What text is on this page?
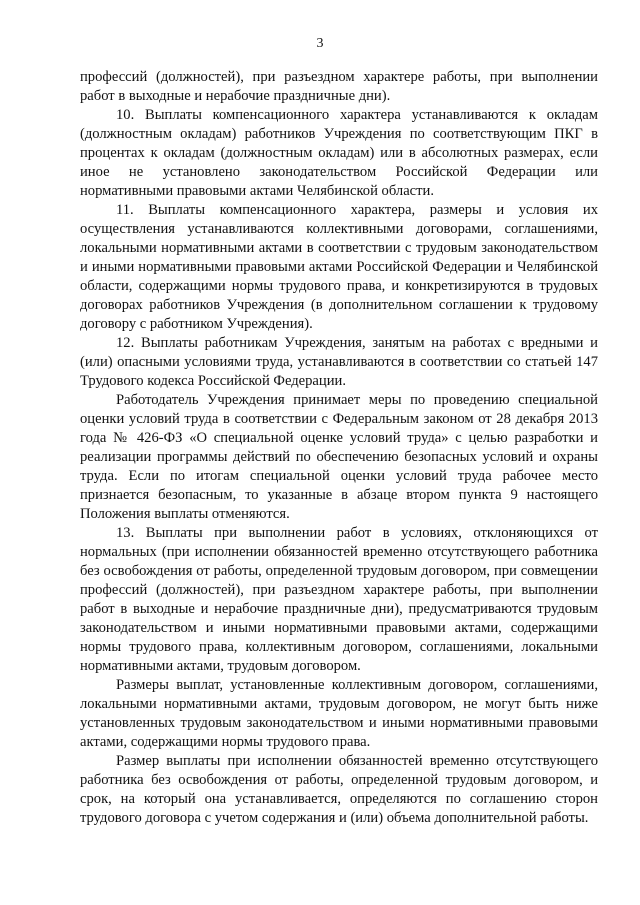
3

профессий (должностей), при разъездном характере работы, при выполнении работ в выходные и нерабочие праздничные дни).

10. Выплаты компенсационного характера устанавливаются к окладам (должностным окладам) работников Учреждения по соответствующим ПКГ в процентах к окладам (должностным окладам) или в абсолютных размерах, если иное не установлено законодательством Российской Федерации или нормативными правовыми актами Челябинской области.

11. Выплаты компенсационного характера, размеры и условия их осуществления устанавливаются коллективными договорами, соглашениями, локальными нормативными актами в соответствии с трудовым законодательством и иными нормативными правовыми актами Российской Федерации и Челябинской области, содержащими нормы трудового права, и конкретизируются в трудовых договорах работников Учреждения (в дополнительном соглашении к трудовому договору с работником Учреждения).

12. Выплаты работникам Учреждения, занятым на работах с вредными и (или) опасными условиями труда, устанавливаются в соответствии со статьей 147 Трудового кодекса Российской Федерации.

Работодатель Учреждения принимает меры по проведению специальной оценки условий труда в соответствии с Федеральным законом от 28 декабря 2013 года № 426-ФЗ «О специальной оценке условий труда» с целью разработки и реализации программы действий по обеспечению безопасных условий и охраны труда. Если по итогам специальной оценки условий труда рабочее место признается безопасным, то указанные в абзаце втором пункта 9 настоящего Положения выплаты отменяются.

13. Выплаты при выполнении работ в условиях, отклоняющихся от нормальных (при исполнении обязанностей временно отсутствующего работника без освобождения от работы, определенной трудовым договором, при совмещении профессий (должностей), при разъездном характере работы, при выполнении работ в выходные и нерабочие праздничные дни), предусматриваются трудовым законодательством и иными нормативными правовыми актами, содержащими нормы трудового права, коллективным договором, соглашениями, локальными нормативными актами, трудовым договором.

Размеры выплат, установленные коллективным договором, соглашениями, локальными нормативными актами, трудовым договором, не могут быть ниже установленных трудовым законодательством и иными нормативными правовыми актами, содержащими нормы трудового права.

Размер выплаты при исполнении обязанностей временно отсутствующего работника без освобождения от работы, определенной трудовым договором, и срок, на который она устанавливается, определяются по соглашению сторон трудового договора с учетом содержания и (или) объема дополнительной работы.
